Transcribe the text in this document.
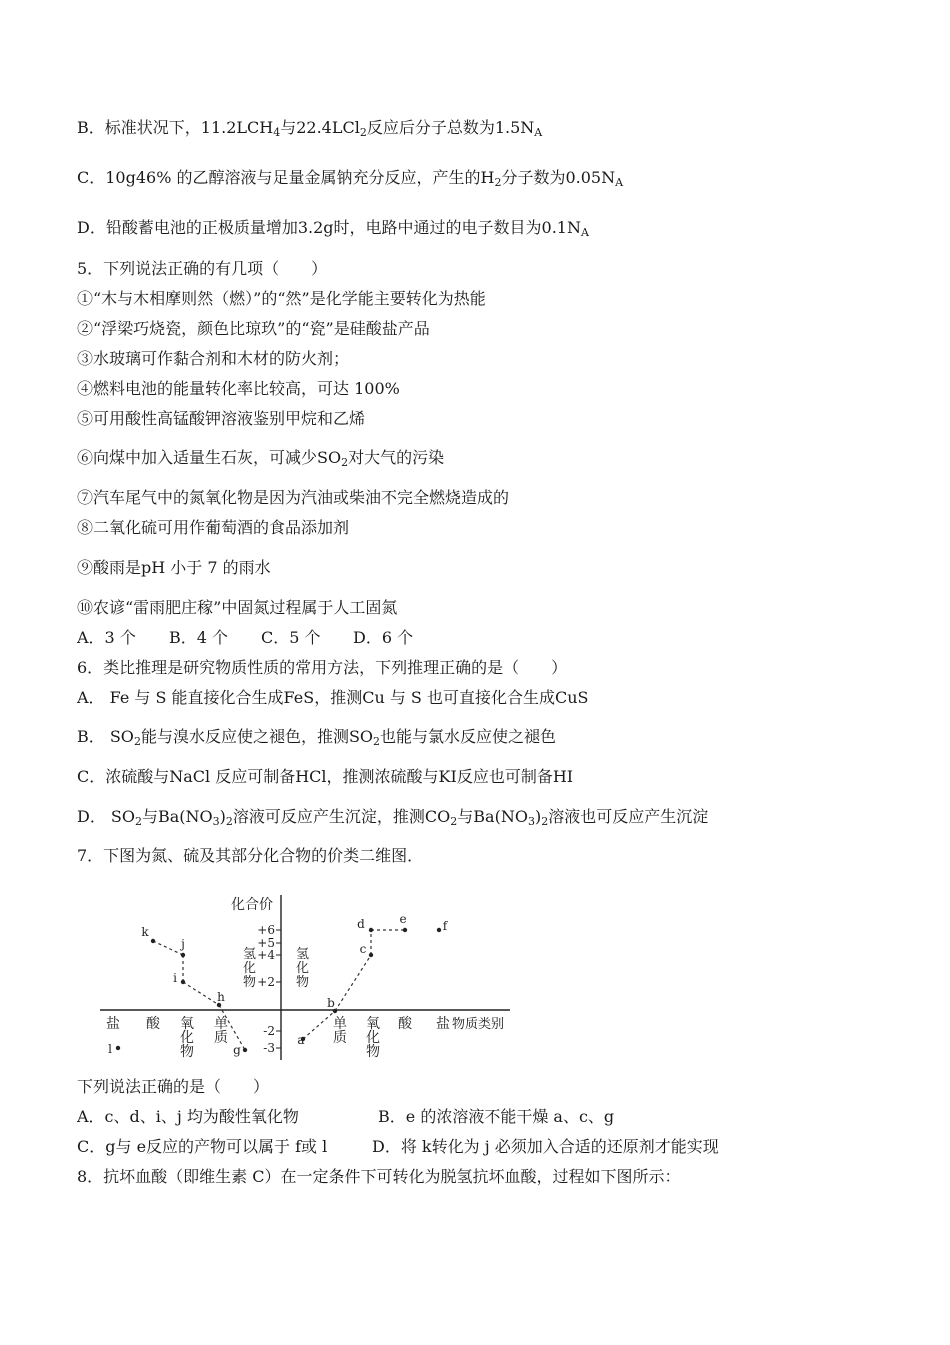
B．标准状况下，$11.2LCH_4$与22.4LCl$_2$反应后分子总数为$1.5N_A$
C．10g46% 的乙醇溶液与足量金属钠充分反应，产生的$H_2$分子数为$0.05N_A$
D．铅酸蓄电池的正极质量增加3.2g时，电路中通过的电子数目为$0.1N_A$
5．下列说法正确的有几项（　　）
①“木与木相摩则然（燃）”的“然”是化学能主要转化为热能
②“浮梁巧烧瓷，颜色比琼玖”的“瓷”是硅酸盐产品
③水玻璃可作黏合剂和木材的防火剂；
④燃料电池的能量转化率比较高，可达 100%
⑤可用酸性高锰酸钾溶液鉴别甲烷和乙烯
⑥向煤中加入适量生石灰，可减少$SO_2$对大气的污染
⑦汽车尾气中的氮氧化物是因为汽油或柴油不完全燃烧造成的
⑧二氧化硫可用作葡萄酒的食品添加剂
⑨酸雨是pH 小于 7 的雨水
⑩农谚“雷雨肥庄稼”中固氮过程属于人工固氮
A．3 个 B．4 个 C．5 个 D．6 个
6．类比推理是研究物质性质的常用方法，下列推理正确的是（　　）
A． Fe 与 S 能直接化合生成FeS，推测Cu 与 S 也可直接化合生成CuS
B． $SO_2$能与溴水反应使之褪色，推测$SO_2$也能与氯水反应使之褪色
C．浓硫酸与NaCl 反应可制备HCl，推测浓硫酸与KI反应也可制备HI
D． $SO_2$与$Ba(NO_3)_2$溶液可反应产生沉淀，推测$CO_2$与$Ba(NO_3)_2$溶液也可反应产生沉淀
7．下图为氮、硫及其部分化合物的价类二维图．
化合价
+6
+5
+4
+2
-2
-3
盐 酸 氧化物
单质
单质
氧化物
酸 盐 物质类别
氢化物
氢化物
k
j
i
h
g
l
a
b
c
d	e	f
下列说法正确的是（　　）
A．c、d、i、j 均为酸性氧化物	B．e 的浓溶液不能干燥 a、c、g
C．g与 e反应的产物可以属于 f或 l	D．将 k转化为 j 必须加入合适的还原剂才能实现
8．抗坏血酸（即维生素 C）在一定条件下可转化为脱氢抗坏血酸，过程如下图所示：
